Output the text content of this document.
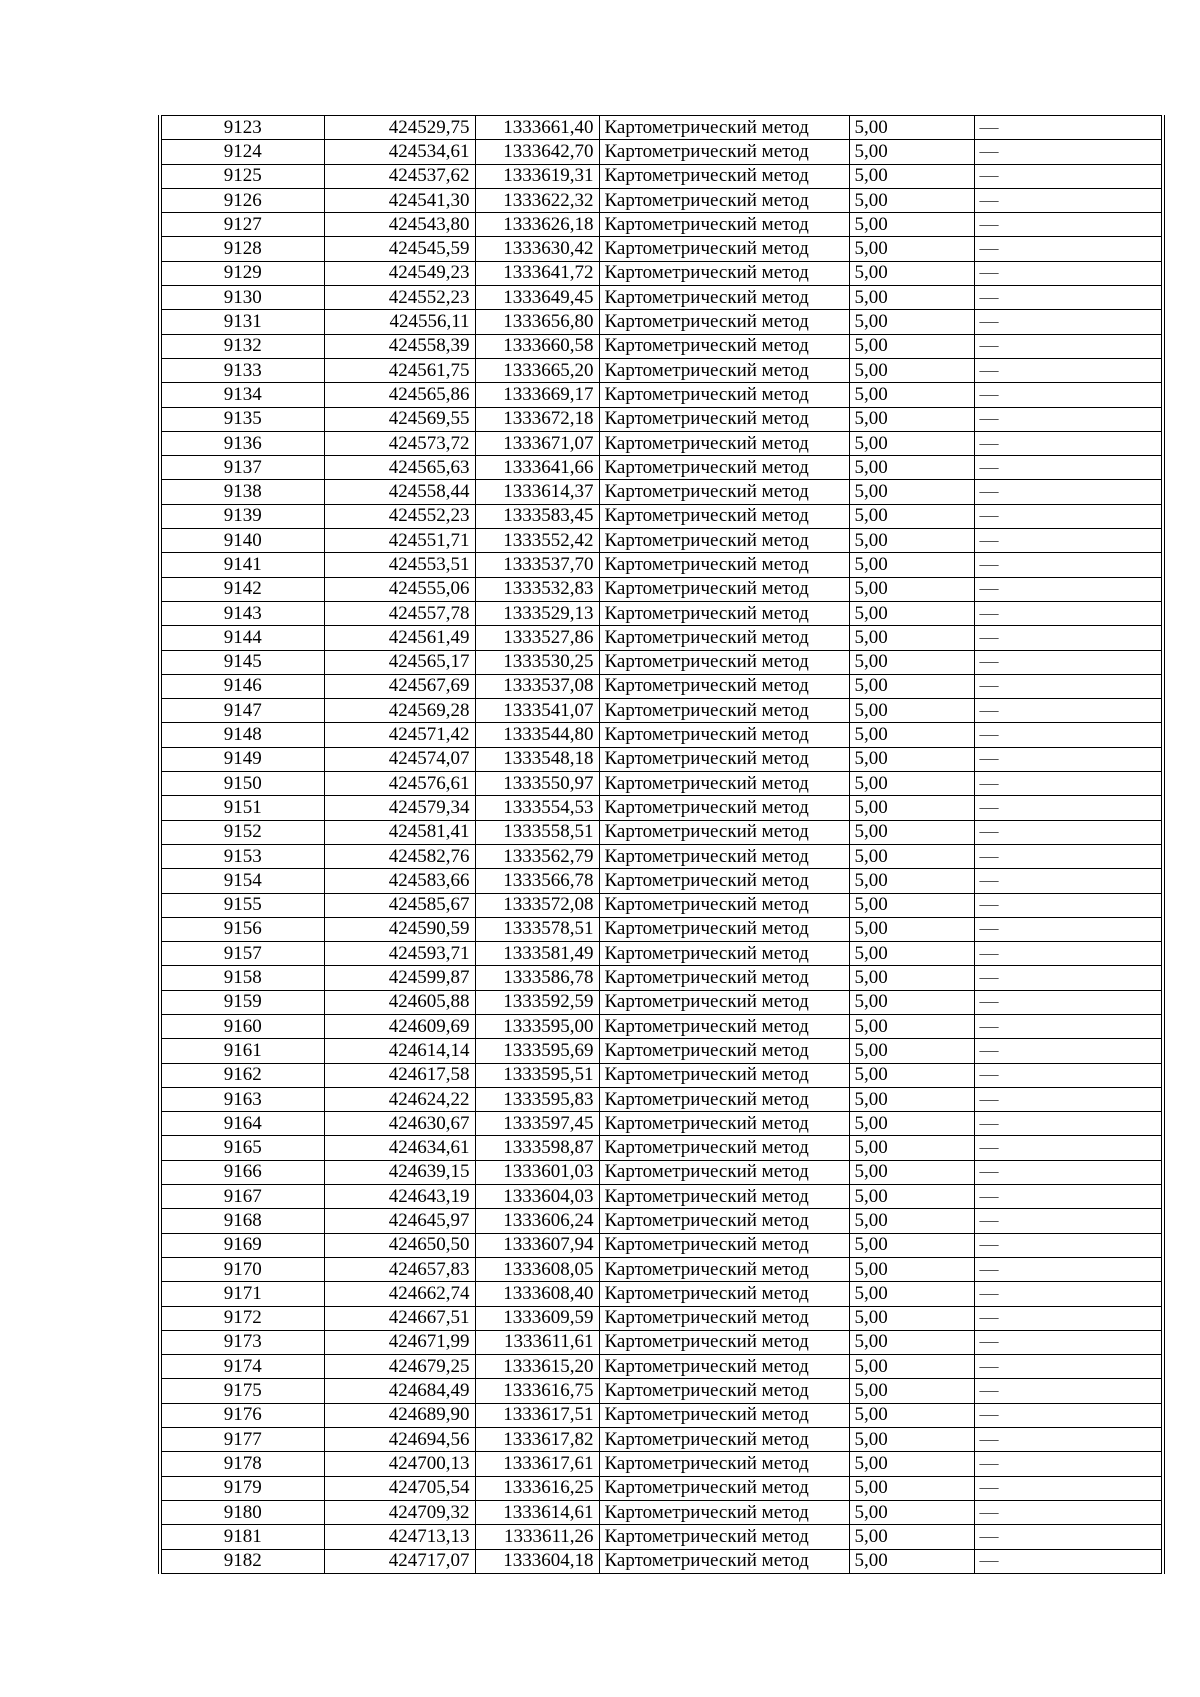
9123	424529,75	1333661,40	Картометрический метод	5,00	—
9124	424534,61	1333642,70	Картометрический метод	5,00	—
9125	424537,62	1333619,31	Картометрический метод	5,00	—
9126	424541,30	1333622,32	Картометрический метод	5,00	—
9127	424543,80	1333626,18	Картометрический метод	5,00	—
9128	424545,59	1333630,42	Картометрический метод	5,00	—
9129	424549,23	1333641,72	Картометрический метод	5,00	—
9130	424552,23	1333649,45	Картометрический метод	5,00	—
9131	424556,11	1333656,80	Картометрический метод	5,00	—
9132	424558,39	1333660,58	Картометрический метод	5,00	—
9133	424561,75	1333665,20	Картометрический метод	5,00	—
9134	424565,86	1333669,17	Картометрический метод	5,00	—
9135	424569,55	1333672,18	Картометрический метод	5,00	—
9136	424573,72	1333671,07	Картометрический метод	5,00	—
9137	424565,63	1333641,66	Картометрический метод	5,00	—
9138	424558,44	1333614,37	Картометрический метод	5,00	—
9139	424552,23	1333583,45	Картометрический метод	5,00	—
9140	424551,71	1333552,42	Картометрический метод	5,00	—
9141	424553,51	1333537,70	Картометрический метод	5,00	—
9142	424555,06	1333532,83	Картометрический метод	5,00	—
9143	424557,78	1333529,13	Картометрический метод	5,00	—
9144	424561,49	1333527,86	Картометрический метод	5,00	—
9145	424565,17	1333530,25	Картометрический метод	5,00	—
9146	424567,69	1333537,08	Картометрический метод	5,00	—
9147	424569,28	1333541,07	Картометрический метод	5,00	—
9148	424571,42	1333544,80	Картометрический метод	5,00	—
9149	424574,07	1333548,18	Картометрический метод	5,00	—
9150	424576,61	1333550,97	Картометрический метод	5,00	—
9151	424579,34	1333554,53	Картометрический метод	5,00	—
9152	424581,41	1333558,51	Картометрический метод	5,00	—
9153	424582,76	1333562,79	Картометрический метод	5,00	—
9154	424583,66	1333566,78	Картометрический метод	5,00	—
9155	424585,67	1333572,08	Картометрический метод	5,00	—
9156	424590,59	1333578,51	Картометрический метод	5,00	—
9157	424593,71	1333581,49	Картометрический метод	5,00	—
9158	424599,87	1333586,78	Картометрический метод	5,00	—
9159	424605,88	1333592,59	Картометрический метод	5,00	—
9160	424609,69	1333595,00	Картометрический метод	5,00	—
9161	424614,14	1333595,69	Картометрический метод	5,00	—
9162	424617,58	1333595,51	Картометрический метод	5,00	—
9163	424624,22	1333595,83	Картометрический метод	5,00	—
9164	424630,67	1333597,45	Картометрический метод	5,00	—
9165	424634,61	1333598,87	Картометрический метод	5,00	—
9166	424639,15	1333601,03	Картометрический метод	5,00	—
9167	424643,19	1333604,03	Картометрический метод	5,00	—
9168	424645,97	1333606,24	Картометрический метод	5,00	—
9169	424650,50	1333607,94	Картометрический метод	5,00	—
9170	424657,83	1333608,05	Картометрический метод	5,00	—
9171	424662,74	1333608,40	Картометрический метод	5,00	—
9172	424667,51	1333609,59	Картометрический метод	5,00	—
9173	424671,99	1333611,61	Картометрический метод	5,00	—
9174	424679,25	1333615,20	Картометрический метод	5,00	—
9175	424684,49	1333616,75	Картометрический метод	5,00	—
9176	424689,90	1333617,51	Картометрический метод	5,00	—
9177	424694,56	1333617,82	Картометрический метод	5,00	—
9178	424700,13	1333617,61	Картометрический метод	5,00	—
9179	424705,54	1333616,25	Картометрический метод	5,00	—
9180	424709,32	1333614,61	Картометрический метод	5,00	—
9181	424713,13	1333611,26	Картометрический метод	5,00	—
9182	424717,07	1333604,18	Картометрический метод	5,00	—
